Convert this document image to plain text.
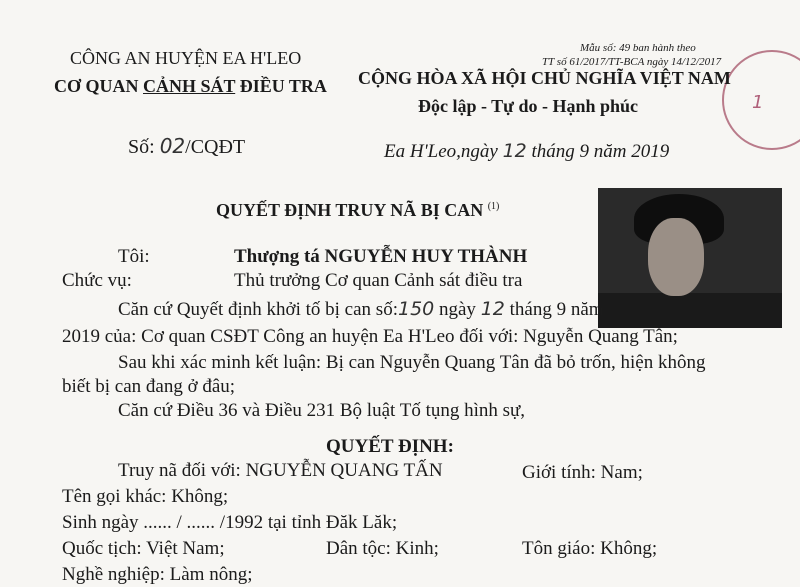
1
CÔNG AN HUYỆN EA H'LEO
CƠ QUAN CẢNH SÁT ĐIỀU TRA
Số: 02/CQĐT
Mẫu số: 49 ban hành theo
TT số 61/2017/TT-BCA ngày 14/12/2017
CỘNG HÒA XÃ HỘI CHỦ NGHĨA VIỆT NAM
Độc lập - Tự do - Hạnh phúc
Ea H'Leo,ngày 12 tháng 9 năm 2019
QUYẾT ĐỊNH TRUY NÃ BỊ CAN $^{(1)}$
Tôi:	Thượng tá NGUYỄN HUY THÀNH
Chức vụ:	Thủ trưởng Cơ quan Cảnh sát điều tra
Căn cứ Quyết định khởi tố bị can số:150 ngày 12 tháng 9 năm
2019 của: Cơ quan CSĐT Công an huyện Ea H'Leo đối với: Nguyễn Quang Tân;
Sau khi xác minh kết luận: Bị can Nguyễn Quang Tân đã bỏ trốn, hiện không
biết bị can đang ở đâu;
Căn cứ Điều 36 và Điều 231 Bộ luật Tố tụng hình sự,
QUYẾT ĐỊNH:
Truy nã đối với: NGUYỄN QUANG TẤN	Giới tính: Nam;
Tên gọi khác: Không;
Sinh ngày ...... / ...... /1992 tại tỉnh Đăk Lăk;
Quốc tịch: Việt Nam;	Dân tộc: Kinh;	Tôn giáo: Không;
Nghề nghiệp: Làm nông;
